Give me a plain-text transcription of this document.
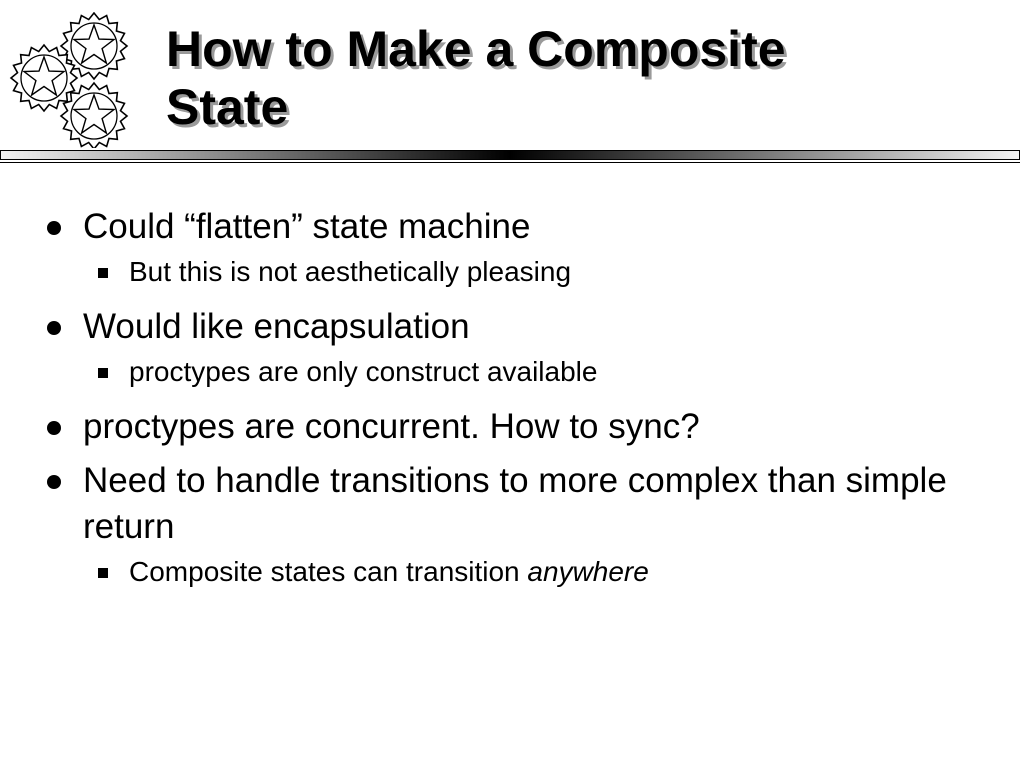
How to Make a Composite
State
Could “flatten” state machine
But this is not aesthetically pleasing
Would like encapsulation
proctypes are only construct available
proctypes are concurrent. How to sync?
Need to handle transitions to more complex than simple return
Composite states can transition anywhere
